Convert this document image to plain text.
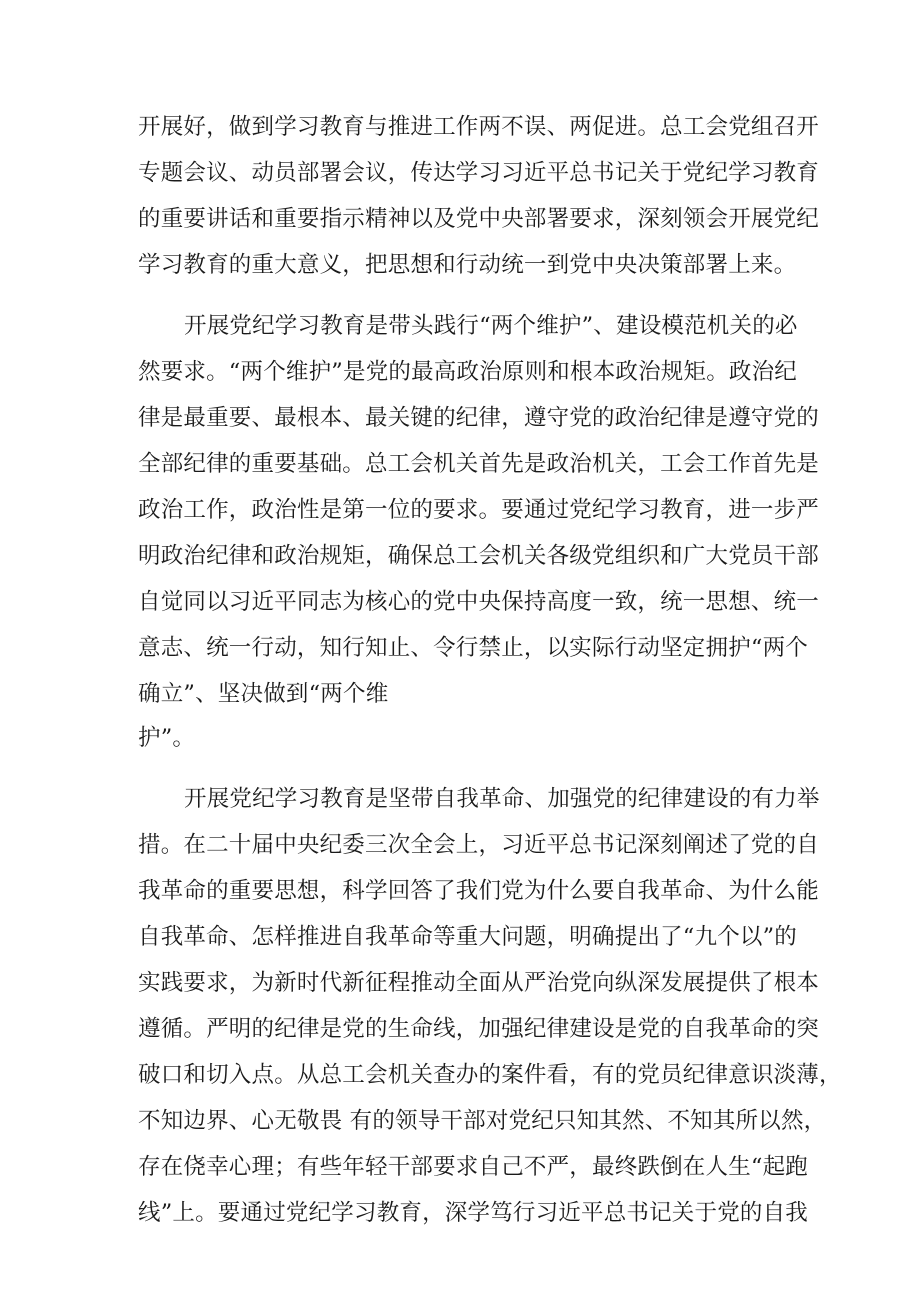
开展好，做到学习教育与推进工作两不误、两促进。总工会党组召开
专题会议、动员部署会议，传达学习习近平总书记关于党纪学习教育
的重要讲话和重要指示精神以及党中央部署要求，深刻领会开展党纪
学习教育的重大意义，把思想和行动统一到党中央决策部署上来。
开展党纪学习教育是带头践行“两个维护”、建设模范机关的必
然要求。“两个维护”是党的最高政治原则和根本政治规矩。政治纪
律是最重要、最根本、最关键的纪律，遵守党的政治纪律是遵守党的
全部纪律的重要基础。总工会机关首先是政治机关，工会工作首先是
政治工作，政治性是第一位的要求。要通过党纪学习教育，进一步严
明政治纪律和政治规矩，确保总工会机关各级党组织和广大党员干部
自觉同以习近平同志为核心的党中央保持高度一致，统一思想、统一
意志、统一行动，知行知止、令行禁止，以实际行动坚定拥护“两个
确立”、坚决做到“两个维
护”。
开展党纪学习教育是坚带自我革命、加强党的纪律建设的有力举
措。在二十届中央纪委三次全会上，习近平总书记深刻阐述了党的自
我革命的重要思想，科学回答了我们党为什么要自我革命、为什么能
自我革命、怎样推进自我革命等重大问题，明确提出了“九个以”的
实践要求，为新时代新征程推动全面从严治党向纵深发展提供了根本
遵循。严明的纪律是党的生命线，加强纪律建设是党的自我革命的突
破口和切入点。从总工会机关查办的案件看，有的党员纪律意识淡薄，
不知边界、心无敬畏 有的领导干部对党纪只知其然、不知其所以然，
存在侥幸心理；有些年轻干部要求自己不严，最终跌倒在人生“起跑
线”上。要通过党纪学习教育，深学笃行习近平总书记关于党的自我
